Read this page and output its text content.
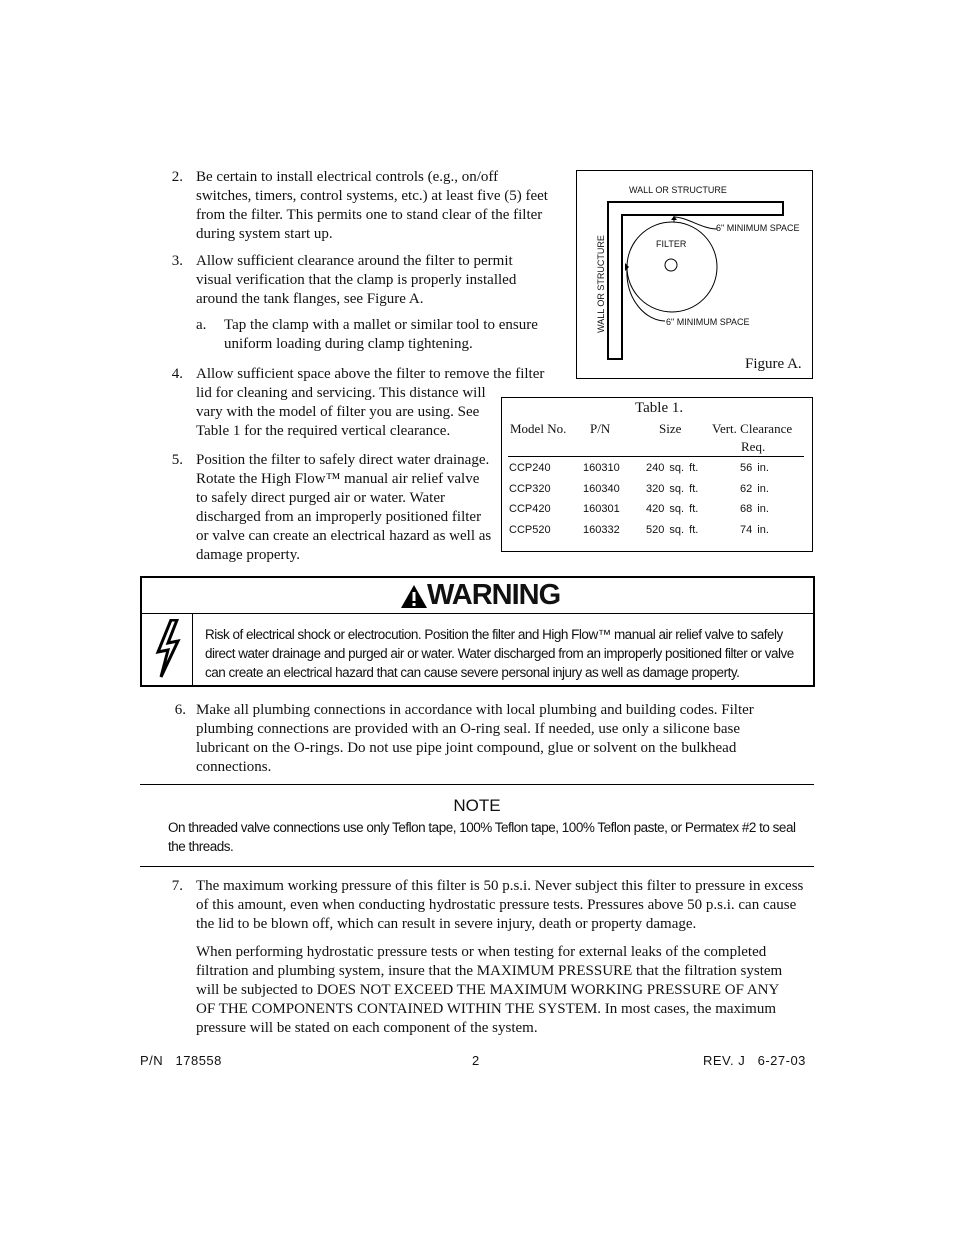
2. Be certain to install electrical controls (e.g., on/off switches, timers, control systems, etc.) at least five (5) feet from the filter. This permits one to stand clear of the filter during system start up.
3. Allow sufficient clearance around the filter to permit visual verification that the clamp is properly installed around the tank flanges, see Figure A.
a. Tap the clamp with a mallet or similar tool to ensure uniform loading during clamp tightening.
4. Allow sufficient space above the filter to remove the filter
lid for cleaning and servicing. This distance will vary with the model of filter you are using. See Table 1 for the required vertical clearance.
5. Position the filter to safely direct water drainage. Rotate the High Flow™ manual air relief valve to safely direct purged air or water. Water discharged from an improperly positioned filter or valve can create an electrical hazard as well as damage property.
WALL OR STRUCTURE
WALL OR STRUCTURE	FILTER
6" MINIMUM SPACE
6" MINIMUM SPACE
Figure A.
Table 1.
Model No. P/N	Size Vert. Clearance
Req.
CCP240	160310 240 sq. ft.	56 in.
CCP320	160340 320 sq. ft.	62 in.
CCP420	160301 420 sq. ft.	68 in.
CCP520	160332 520 sq. ft.	74 in.
WARNING
Risk of electrical shock or electrocution. Position the filter and High Flow™ manual air relief valve to safely direct water drainage and purged air or water. Water discharged from an improperly positioned filter or valve can create an electrical hazard that can cause severe personal injury as well as damage property.
6. Make all plumbing connections in accordance with local plumbing and building codes. Filter plumbing connections are provided with an O-ring seal. If needed, use only a silicone base lubricant on the O-rings. Do not use pipe joint compound, glue or solvent on the bulkhead connections.
NOTE
On threaded valve connections use only Teflon tape, 100% Teflon tape, 100% Teflon paste, or Permatex #2 to seal the threads.
7. The maximum working pressure of this filter is 50 p.s.i. Never subject this filter to pressure in excess of this amount, even when conducting hydrostatic pressure tests. Pressures above 50 p.s.i. can cause the lid to be blown off, which can result in severe injury, death or property damage.
When performing hydrostatic pressure tests or when testing for external leaks of the completed filtration and plumbing system, insure that the MAXIMUM PRESSURE that the filtration system will be subjected to DOES NOT EXCEED THE MAXIMUM WORKING PRESSURE OF ANY OF THE COMPONENTS CONTAINED WITHIN THE SYSTEM. In most cases, the maximum pressure will be stated on each component of the system.
P/N   178558	2	REV. J   6-27-03
